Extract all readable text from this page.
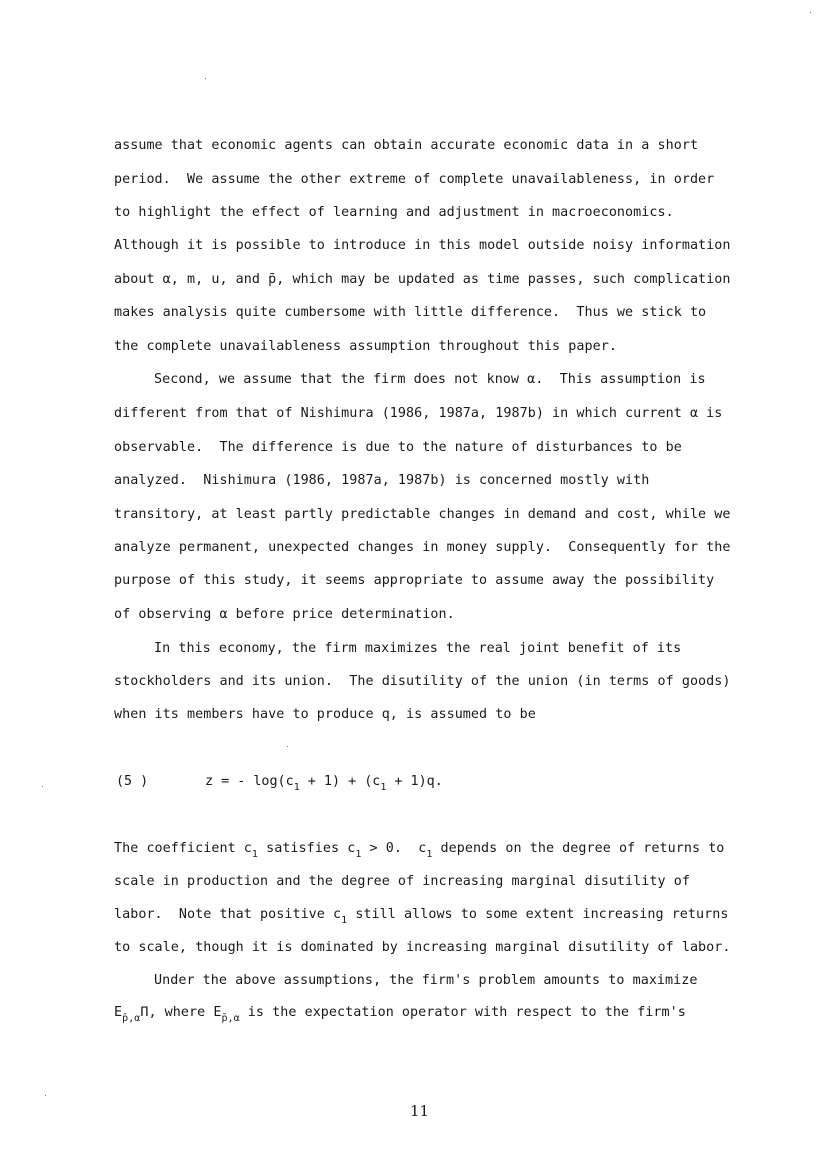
assume that economic agents can obtain accurate economic data in a short
period.  We assume the other extreme of complete unavailableness, in order
to highlight the effect of learning and adjustment in macroeconomics.
Although it is possible to introduce in this model outside noisy information
about α, m, u, and p̄, which may be updated as time passes, such complication
makes analysis quite cumbersome with little difference.  Thus we stick to
the complete unavailableness assumption throughout this paper.
Second, we assume that the firm does not know α.  This assumption is
different from that of Nishimura (1986, 1987a, 1987b) in which current α is
observable.  The difference is due to the nature of disturbances to be
analyzed.  Nishimura (1986, 1987a, 1987b) is concerned mostly with
transitory, at least partly predictable changes in demand and cost, while we
analyze permanent, unexpected changes in money supply.  Consequently for the
purpose of this study, it seems appropriate to assume away the possibility
of observing α before price determination.
In this economy, the firm maximizes the real joint benefit of its
stockholders and its union.  The disutility of the union (in terms of goods)
when its members have to produce q, is assumed to be
(5 )	z = - $\log(c_1 + 1) + (c_1 + 1)q$.
The coefficient $c_1$ satisfies $c_1 > 0$.  $c_1$ depends on the degree of returns to
scale in production and the degree of increasing marginal disutility of
labor.  Note that positive $c_1$ still allows to some extent increasing returns
to scale, though it is dominated by increasing marginal disutility of labor.
Under the above assumptions, the firm's problem amounts to maximize
$E_{p̄,\alpha}\Pi$, where $E_{p̄,\alpha}$ is the expectation operator with respect to the firm's
11
